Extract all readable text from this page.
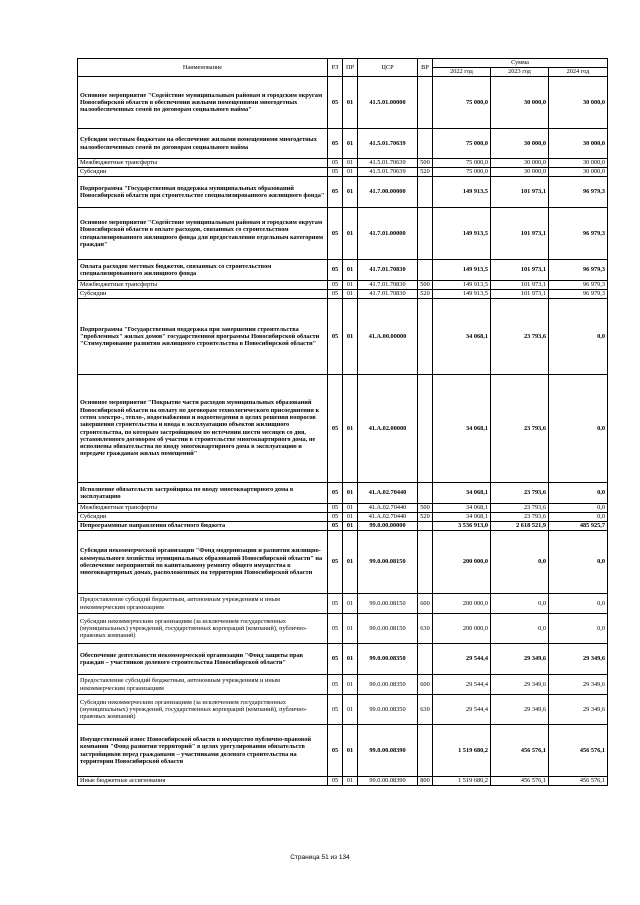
Наименование	РЗ	ПР	ЦСР	ВР	Сумма		
					2022 год	2023 год	2024 год
Основное мероприятие "Содействие муниципальным районам и городским округам Новосибирской области в обеспечении жилыми помещениями многодетных малообеспеченных семей по договорам социального найма"	05	01	41.5.01.00000		75 000,0	30 000,0	30 000,0
Субсидии местным бюджетам на обеспечение жилыми помещениями многодетных малообеспеченных семей по договорам социального найма	05	01	41.5.01.70639		75 000,0	30 000,0	30 000,0
Межбюджетные трансферты	05	01	41.5.01.70639	500	75 000,0	30 000,0	30 000,0
Субсидии	05	01	41.5.01.70639	520	75 000,0	30 000,0	30 000,0
Подпрограмма "Государственная поддержка муниципальных образований Новосибирской области при строительстве специализированного жилищного фонда"	05	01	41.7.00.00000		149 913,5	101 973,1	96 979,3
Основное мероприятие "Содействие муниципальным районам и городским округам Новосибирской области в оплате расходов, связанных со строительством специализированного жилищного фонда для предоставления отдельным категориям граждан"	05	01	41.7.01.00000		149 913,5	101 973,1	96 979,3
Оплата расходов местных бюджетов, связанных со строительством специализированного жилищного фонда	05	01	41.7.01.70830		149 913,5	101 973,1	96 979,3
Межбюджетные трансферты	05	01	41.7.01.70830	500	149 913,5	101 973,1	96 979,3
Субсидии	05	01	41.7.01.70830	520	149 913,5	101 973,1	96 979,3
Подпрограмма "Государственная поддержка при завершении строительства "проблемных" жилых домов" государственной программы Новосибирской области "Стимулирование развития жилищного строительства в Новосибирской области"	05	01	41.А.00.00000		34 068,1	23 793,6	0,0
Основное мероприятие "Покрытие части расходов муниципальных образований Новосибирской области на оплату по договорам технологического присоединения к сетям электро-, тепло-, водоснабжения и водоотведения в целях решения вопросов завершения строительства и ввода в эксплуатацию объектов жилищного строительства, по которым застройщиком по истечении шести месяцев со дня, установленного договором об участии в строительстве многоквартирного дома, не исполнены обязательства по вводу многоквартирного дома в эксплуатацию и передаче гражданам жилых помещений"	05	01	41.А.02.00000		34 068,1	23 793,6	0,0
Исполнение обязательств застройщика по вводу многоквартирного дома в эксплуатацию	05	01	41.А.02.70440		34 068,1	23 793,6	0,0
Межбюджетные трансферты	05	01	41.А.02.70440	500	34 068,1	23 793,6	0,0
Субсидии	05	01	41.А.02.70440	520	34 068,1	23 793,6	0,0
Непрограммные направления областного бюджета	05	01	99.0.00.00000		3 536 913,0	2 618 521,9	485 925,7
Субсидия некоммерческой организации "Фонд модернизации и развития жилищно-коммунального хозяйства муниципальных образований Новосибирской области" на обеспечение мероприятий по капитальному ремонту общего имущества в многоквартирных домах, расположенных на территории Новосибирской области	05	01	99.0.00.08150		200 000,0	0,0	0,0
Предоставление субсидий бюджетным, автономным учреждениям и иным некоммерческим организациям	05	01	99.0.00.08150	600	200 000,0	0,0	0,0
Субсидии некоммерческим организациям (за исключением государственных (муниципальных) учреждений, государственных корпораций (компаний), публично-правовых компаний)	05	01	99.0.00.08150	630	200 000,0	0,0	0,0
Обеспечение деятельности некоммерческой организации "Фонд защиты прав граждан – участников долевого строительства Новосибирской области"	05	01	99.0.00.08350		29 544,4	29 349,6	29 349,6
Предоставление субсидий бюджетным, автономным учреждениям и иным некоммерческим организациям	05	01	99.0.00.08350	600	29 544,4	29 349,6	29 349,6
Субсидии некоммерческим организациям (за исключением государственных (муниципальных) учреждений, государственных корпораций (компаний), публично-правовых компаний)	05	01	99.0.00.08350	630	29 544,4	29 349,6	29 349,6
Имущественный взнос Новосибирской области в имущество публично-правовой компании "Фонд развития территорий" в целях урегулирования обязательств застройщиков перед гражданами – участниками долевого строительства на территории Новосибирской области	05	01	99.0.00.08390		1 519 680,2	456 576,1	456 576,1
Иные бюджетные ассигнования	05	01	99.0.00.08390	800	1 519 680,2	456 576,1	456 576,1
Страница 51 из 134
